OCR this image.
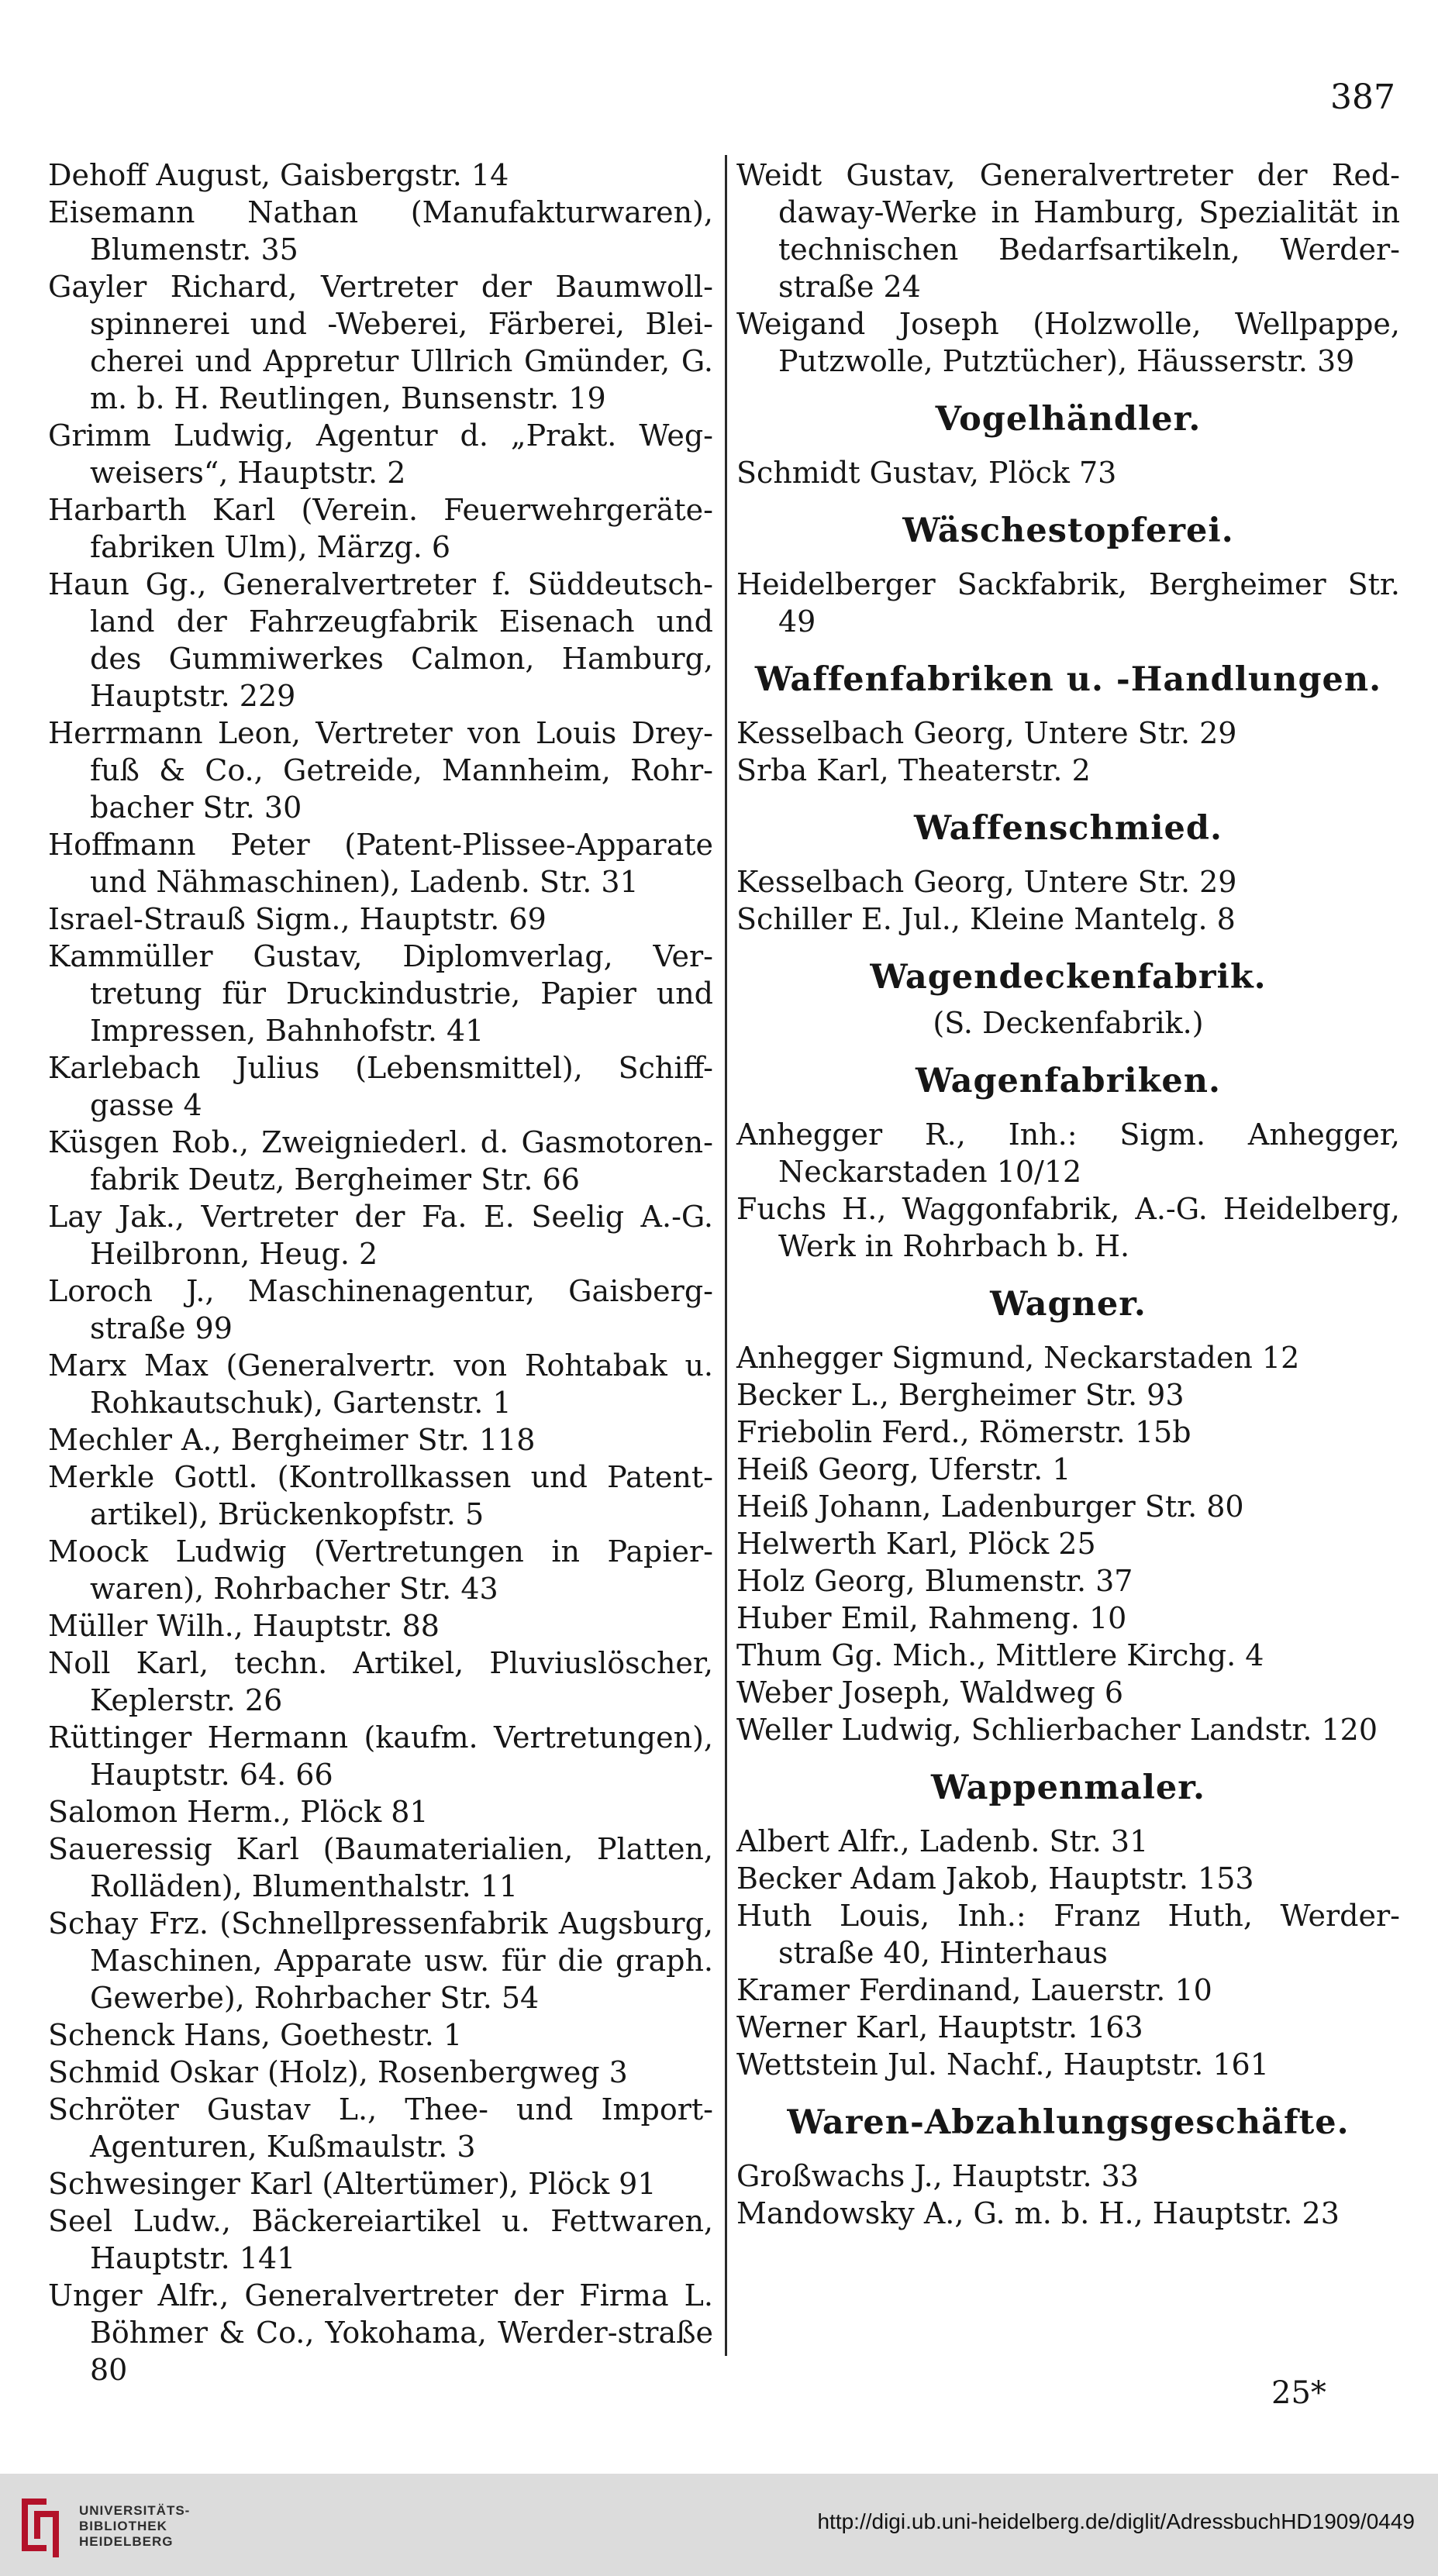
387
Dehoff August, Gaisbergstr. 14
Eisemann Nathan (Manufakturwaren), Blumenstr. 35
Gayler Richard, Vertreter der Baumwoll-spinnerei und -Weberei, Färberei, Blei-cherei und Appretur Ullrich Gmünder, G. m. b. H. Reutlingen, Bunsenstr. 19
Grimm Ludwig, Agentur d. „Prakt. Weg-weisers“, Hauptstr. 2
Harbarth Karl (Verein. Feuerwehrgeräte-fabriken Ulm), Märzg. 6
Haun Gg., Generalvertreter f. Süddeutsch-land der Fahrzeugfabrik Eisenach und des Gummiwerkes Calmon, Hamburg, Hauptstr. 229
Herrmann Leon, Vertreter von Louis Drey-fuß & Co., Getreide, Mannheim, Rohr-bacher Str. 30
Hoffmann Peter (Patent-Plissee-Apparate und Nähmaschinen), Ladenb. Str. 31
Israel-Strauß Sigm., Hauptstr. 69
Kammüller Gustav, Diplomverlag, Ver-tretung für Druckindustrie, Papier und Impressen, Bahnhofstr. 41
Karlebach Julius (Lebensmittel), Schiff-gasse 4
Küsgen Rob., Zweigniederl. d. Gasmotoren-fabrik Deutz, Bergheimer Str. 66
Lay Jak., Vertreter der Fa. E. Seelig A.-G. Heilbronn, Heug. 2
Loroch J., Maschinenagentur, Gaisberg-straße 99
Marx Max (Generalvertr. von Rohtabak u. Rohkautschuk), Gartenstr. 1
Mechler A., Bergheimer Str. 118
Merkle Gottl. (Kontrollkassen und Patent-artikel), Brückenkopfstr. 5
Moock Ludwig (Vertretungen in Papier-waren), Rohrbacher Str. 43
Müller Wilh., Hauptstr. 88
Noll Karl, techn. Artikel, Pluviuslöscher, Keplerstr. 26
Rüttinger Hermann (kaufm. Vertretungen), Hauptstr. 64. 66
Salomon Herm., Plöck 81
Saueressig Karl (Baumaterialien, Platten, Rolläden), Blumenthalstr. 11
Schay Frz. (Schnellpressenfabrik Augsburg, Maschinen, Apparate usw. für die graph. Gewerbe), Rohrbacher Str. 54
Schenck Hans, Goethestr. 1
Schmid Oskar (Holz), Rosenbergweg 3
Schröter Gustav L., Thee- und Import-Agenturen, Kußmaulstr. 3
Schwesinger Karl (Altertümer), Plöck 91
Seel Ludw., Bäckereiartikel u. Fettwaren, Hauptstr. 141
Unger Alfr., Generalvertreter der Firma L. Böhmer & Co., Yokohama, Werder-straße 80
Weidt Gustav, Generalvertreter der Red-daway-Werke in Hamburg, Spezialität in technischen Bedarfsartikeln, Werder-straße 24
Weigand Joseph (Holzwolle, Wellpappe, Putzwolle, Putztücher), Häusserstr. 39
Vogelhändler.
Schmidt Gustav, Plöck 73
Wäschestopferei.
Heidelberger Sackfabrik, Bergheimer Str. 49
Waffenfabriken u. -Handlungen.
Kesselbach Georg, Untere Str. 29
Srba Karl, Theaterstr. 2
Waffenschmied.
Kesselbach Georg, Untere Str. 29
Schiller E. Jul., Kleine Mantelg. 8
Wagendeckenfabrik.
(S. Deckenfabrik.)
Wagenfabriken.
Anhegger R., Inh.: Sigm. Anhegger, Neckarstaden 10/12
Fuchs H., Waggonfabrik, A.-G. Heidelberg, Werk in Rohrbach b. H.
Wagner.
Anhegger Sigmund, Neckarstaden 12
Becker L., Bergheimer Str. 93
Friebolin Ferd., Römerstr. 15b
Heiß Georg, Uferstr. 1
Heiß Johann, Ladenburger Str. 80
Helwerth Karl, Plöck 25
Holz Georg, Blumenstr. 37
Huber Emil, Rahmeng. 10
Thum Gg. Mich., Mittlere Kirchg. 4
Weber Joseph, Waldweg 6
Weller Ludwig, Schlierbacher Landstr. 120
Wappenmaler.
Albert Alfr., Ladenb. Str. 31
Becker Adam Jakob, Hauptstr. 153
Huth Louis, Inh.: Franz Huth, Werder-straße 40, Hinterhaus
Kramer Ferdinand, Lauerstr. 10
Werner Karl, Hauptstr. 163
Wettstein Jul. Nachf., Hauptstr. 161
Waren-Abzahlungsgeschäfte.
Großwachs J., Hauptstr. 33
Mandowsky A., G. m. b. H., Hauptstr. 23
25*
UNIVERSITÄTS-
BIBLIOTHEK
HEIDELBERG
http://digi.ub.uni-heidelberg.de/diglit/AdressbuchHD1909/0449
